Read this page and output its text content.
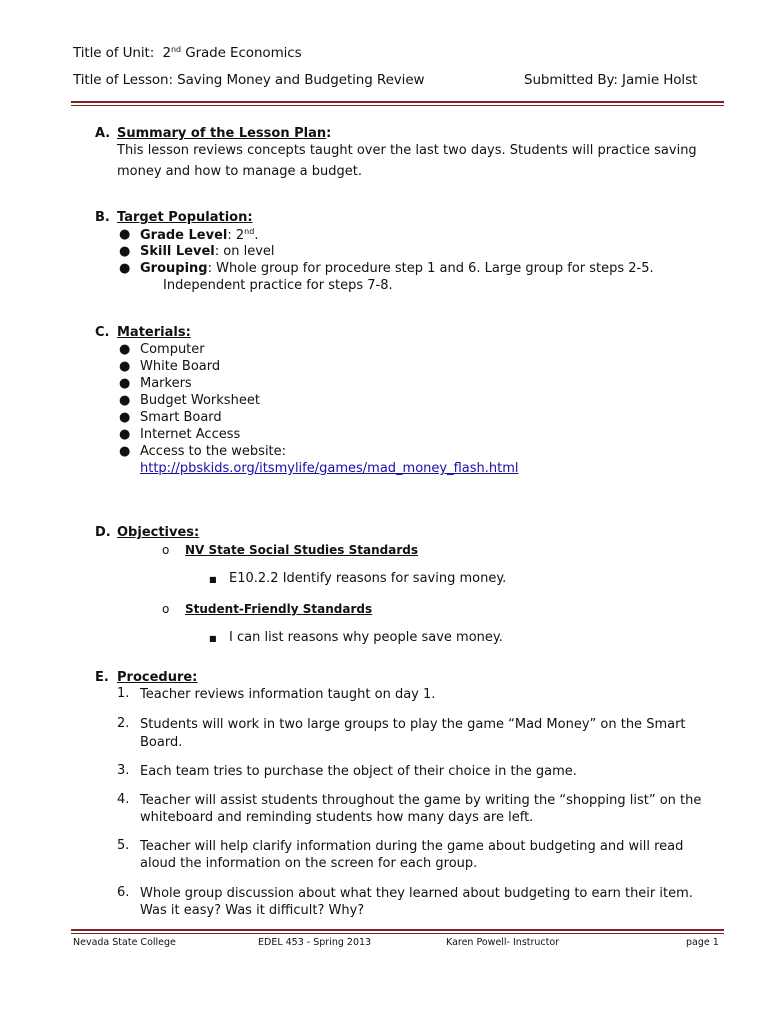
Title of Unit: 2nd Grade Economics
Title of Lesson: Saving Money and Budgeting Review	Submitted By: Jamie Holst
A. Summary of the Lesson Plan:
This lesson reviews concepts taught over the last two days. Students will practice saving
money and how to manage a budget.
B. Target Population:
● Grade Level: 2nd.
● Skill Level: on level
● Grouping: Whole group for procedure step 1 and 6. Large group for steps 2-5.
Independent practice for steps 7-8.
C. Materials:
● Computer
● White Board
● Markers
● Budget Worksheet
● Smart Board
● Internet Access
● Access to the website:
http://pbskids.org/itsmylife/games/mad_money_flash.html
D. Objectives:
o NV State Social Studies Standards
■ E10.2.2 Identify reasons for saving money.
o Student-Friendly Standards
■ I can list reasons why people save money.
E. Procedure:
1. Teacher reviews information taught on day 1.
2. Students will work in two large groups to play the game “Mad Money” on the Smart
Board.
3. Each team tries to purchase the object of their choice in the game.
4. Teacher will assist students throughout the game by writing the “shopping list” on the
whiteboard and reminding students how many days are left.
5. Teacher will help clarify information during the game about budgeting and will read
aloud the information on the screen for each group.
6. Whole group discussion about what they learned about budgeting to earn their item.
Was it easy? Was it difficult? Why?
Nevada State College	EDEL 453 - Spring 2013	Karen Powell- Instructor	page 1
